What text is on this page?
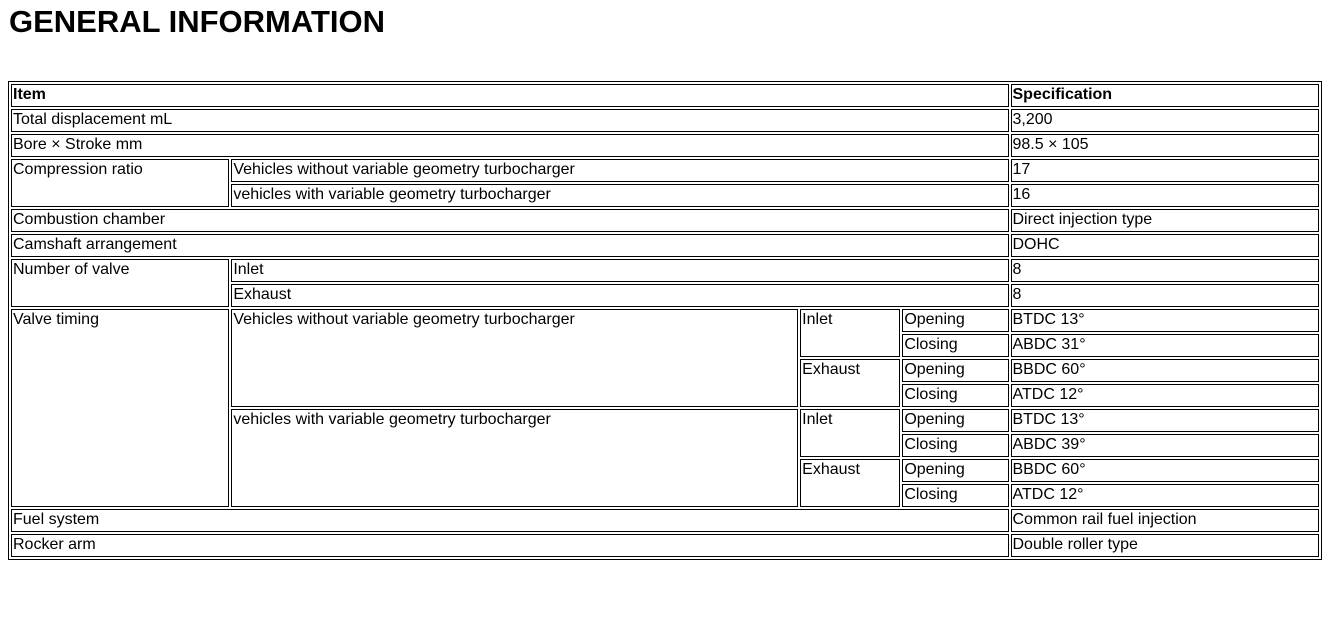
GENERAL INFORMATION
Item				Specification
Total displacement mL				3,200
Bore × Stroke mm				98.5 × 105
Compression ratio	Vehicles without variable geometry turbocharger			17
	vehicles with variable geometry turbocharger			16
Combustion chamber				Direct injection type
Camshaft arrangement				DOHC
Number of valve	Inlet			8
	Exhaust			8
Valve timing	Vehicles without variable geometry turbocharger	Inlet	Opening	BTDC 13°
			Closing	ABDC 31°
		Exhaust	Opening	BBDC 60°
			Closing	ATDC 12°
	vehicles with variable geometry turbocharger	Inlet	Opening	BTDC 13°
			Closing	ABDC 39°
		Exhaust	Opening	BBDC 60°
			Closing	ATDC 12°
Fuel system				Common rail fuel injection
Rocker arm				Double roller type
